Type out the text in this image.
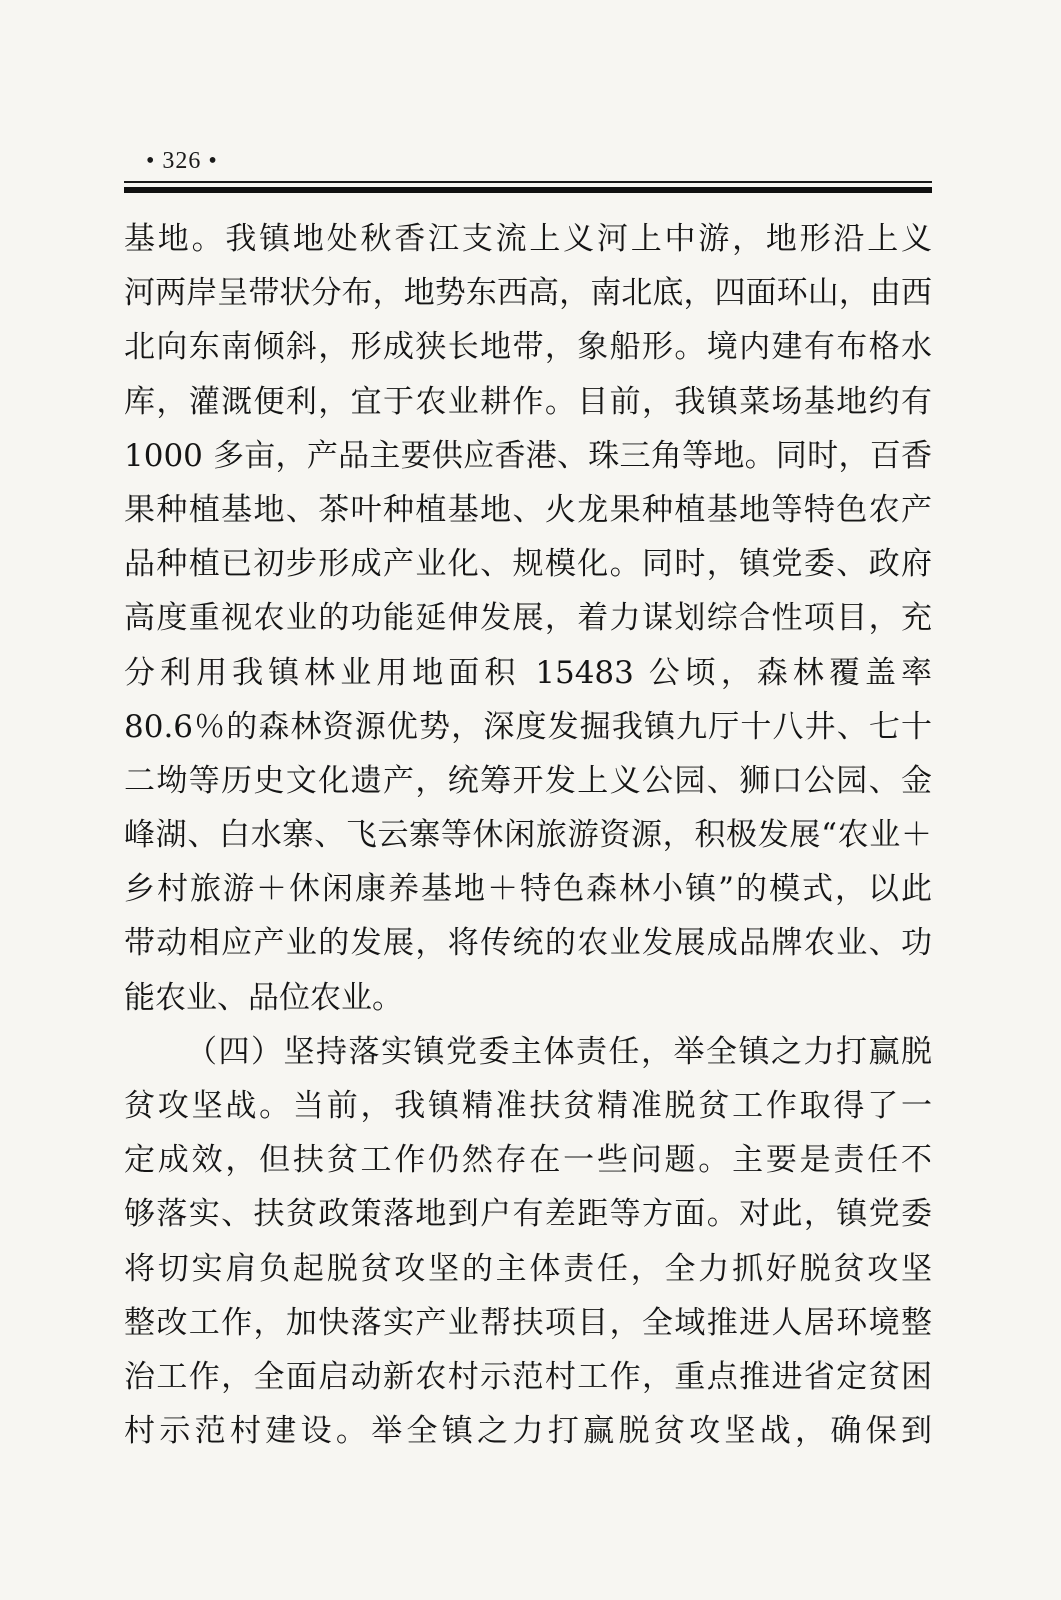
• 326 •
基地。我镇地处秋香江支流上义河上中游，地形沿上义
河两岸呈带状分布，地势东西高，南北底，四面环山，由西
北向东南倾斜，形成狭长地带，象船形。境内建有布格水
库，灌溉便利，宜于农业耕作。目前，我镇菜场基地约有
1000 多亩，产品主要供应香港、珠三角等地。同时，百香
果种植基地、茶叶种植基地、火龙果种植基地等特色农产
品种植已初步形成产业化、规模化。同时，镇党委、政府
高度重视农业的功能延伸发展，着力谋划综合性项目，充
分利用我镇林业用地面积 15483 公顷，森林覆盖率
80.6％的森林资源优势，深度发掘我镇九厅十八井、七十
二坳等历史文化遗产，统筹开发上义公园、狮口公园、金
峰湖、白水寨、飞云寨等休闲旅游资源，积极发展“农业＋
乡村旅游＋休闲康养基地＋特色森林小镇”的模式，以此
带动相应产业的发展，将传统的农业发展成品牌农业、功
能农业、品位农业。
（四）坚持落实镇党委主体责任，举全镇之力打赢脱
贫攻坚战。当前，我镇精准扶贫精准脱贫工作取得了一
定成效，但扶贫工作仍然存在一些问题。主要是责任不
够落实、扶贫政策落地到户有差距等方面。对此，镇党委
将切实肩负起脱贫攻坚的主体责任，全力抓好脱贫攻坚
整改工作，加快落实产业帮扶项目，全域推进人居环境整
治工作，全面启动新农村示范村工作，重点推进省定贫困
村示范村建设。举全镇之力打赢脱贫攻坚战，确保到
